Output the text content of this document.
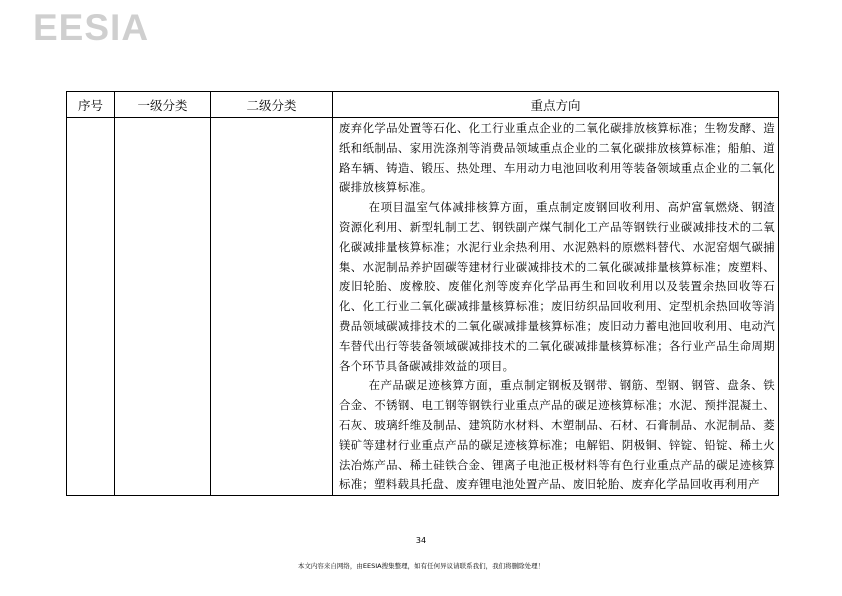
EESIA
序号	一级分类	二级分类	重点方向

			废弃化学品处置等石化、化工行业重点企业的二氧化碳排放核算标准；生物发酵、造纸和纸制品、家用洗涤剂等消费品领域重点企业的二氧化碳排放核算标准；船舶、道路车辆、铸造、锻压、热处理、车用动力电池回收利用等装备领域重点企业的二氧化碳排放核算标准。

在项目温室气体减排核算方面，重点制定废钢回收利用、高炉富氧燃烧、钢渣资源化利用、新型轧制工艺、钢铁副产煤气制化工产品等钢铁行业碳减排技术的二氧化碳减排量核算标准；水泥行业余热利用、水泥熟料的原燃料替代、水泥窑烟气碳捕集、水泥制品养护固碳等建材行业碳减排技术的二氧化碳减排量核算标准；废塑料、废旧轮胎、废橡胶、废催化剂等废弃化学品再生和回收利用以及装置余热回收等石化、化工行业二氧化碳减排量核算标准；废旧纺织品回收利用、定型机余热回收等消费品领域碳减排技术的二氧化碳减排量核算标准；废旧动力蓄电池回收利用、电动汽车替代出行等装备领域碳减排技术的二氧化碳减排量核算标准；各行业产品生命周期各个环节具备碳减排效益的项目。

在产品碳足迹核算方面，重点制定钢板及钢带、钢筋、型钢、钢管、盘条、铁合金、不锈钢、电工钢等钢铁行业重点产品的碳足迹核算标准；水泥、预拌混凝土、石灰、玻璃纤维及制品、建筑防水材料、木塑制品、石材、石膏制品、水泥制品、菱镁矿等建材行业重点产品的碳足迹核算标准；电解铝、阴极铜、锌锭、铅锭、稀土火法冶炼产品、稀土硅铁合金、锂离子电池正极材料等有色行业重点产品的碳足迹核算标准；塑料载具托盘、废弃锂电池处置产品、废旧轮胎、废弃化学品回收再利用产

34
本文内容来自网络，由EESIA搜集整理，如有任何异议请联系我们，我们将删除处理！
